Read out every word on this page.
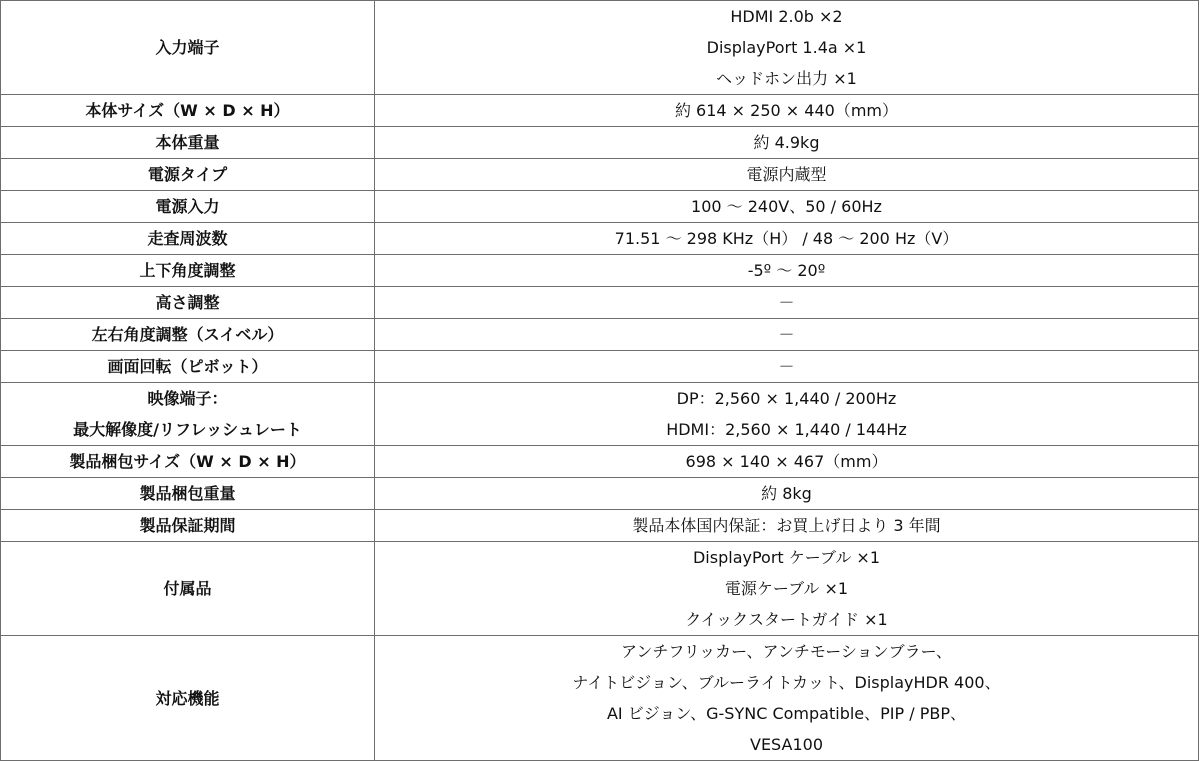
入力端子	HDMI 2.0b ×2
DisplayPort 1.4a ×1
ヘッドホン出力 ×1

本体サイズ（W × D × H）	約 614 × 250 × 440（mm）

本体重量	約 4.9kg

電源タイプ	電源内蔵型

電源入力	100 ～ 240V、50 / 60Hz

走査周波数	71.51 ～ 298 KHz（H） / 48 ～ 200 Hz（V）

上下角度調整	-5º ～ 20º

高さ調整	－

左右角度調整（スイベル）	－

画面回転（ピボット）	－

映像端子：
最大解像度/リフレッシュレート	DP：2,560 × 1,440 / 200Hz
HDMI：2,560 × 1,440 / 144Hz

製品梱包サイズ（W × D × H）	698 × 140 × 467（mm）

製品梱包重量	約 8kg

製品保証期間	製品本体国内保証：お買上げ日より 3 年間

付属品	DisplayPort ケーブル ×1
電源ケーブル ×1
クイックスタートガイド ×1

対応機能	アンチフリッカー、アンチモーションブラー、
ナイトビジョン、ブルーライトカット、DisplayHDR 400、
AI ビジョン、G-SYNC Compatible、PIP / PBP、
VESA100
